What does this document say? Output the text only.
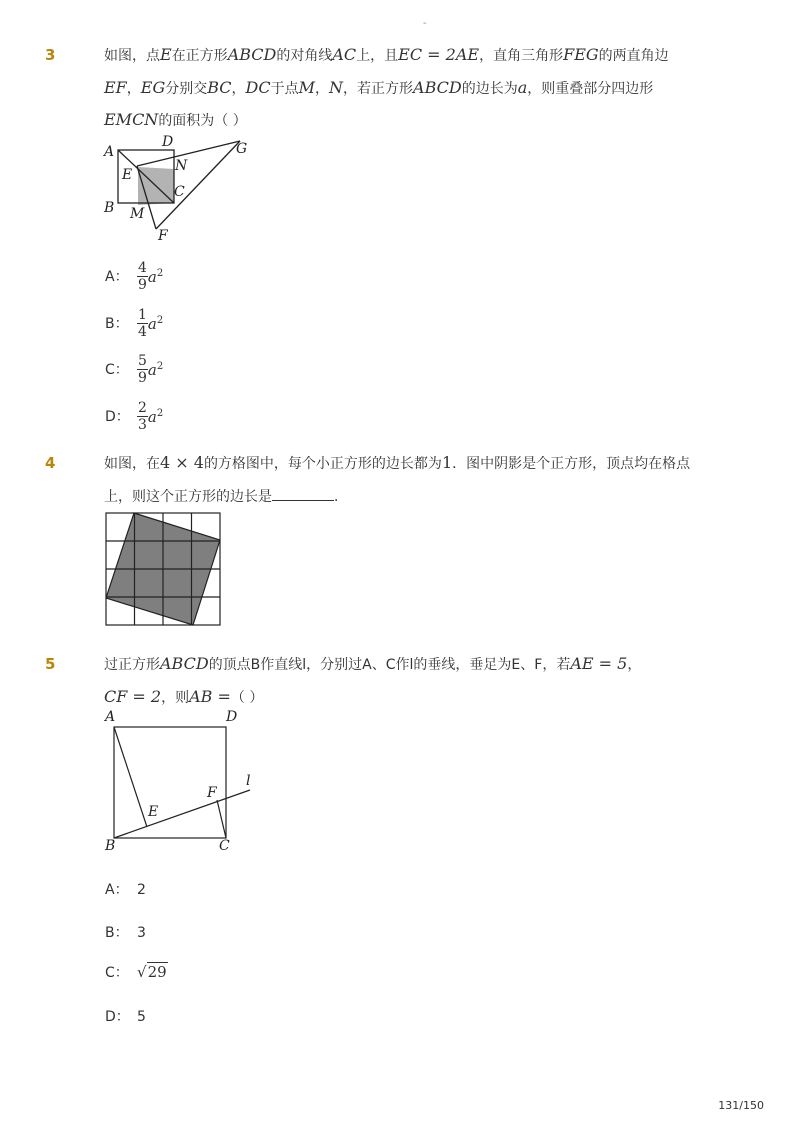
-
3	如图，点E在正方形ABCD的对角线AC上，且EC = 2AE，直角三角形FEG的两直角边
EF，EG分别交BC，DC于点M，N，若正方形ABCD的边长为a，则重叠部分四边形
EMCN的面积为（ ）
A
D
N
E
C
B M
F
G
A： $\frac{4}{9} a^2$
B： $\frac{1}{4} a^2$
C： $\frac{5}{9} a^2$
D： $\frac{2}{3} a^2$
4	如图，在4 × 4的方格图中，每个小正方形的边长都为1．图中阴影是个正方形，顶点均在格点
上，则这个正方形的边长是	．
5	过正方形ABCD的顶点B作直线l，分别过A、C作l的垂线，垂足为E、F，若AE = 5，
CF = 2，则AB =（ ）
A	D
B	C
E
F
l
A： 2
B： 3
C： √29
D： 5
131/150
